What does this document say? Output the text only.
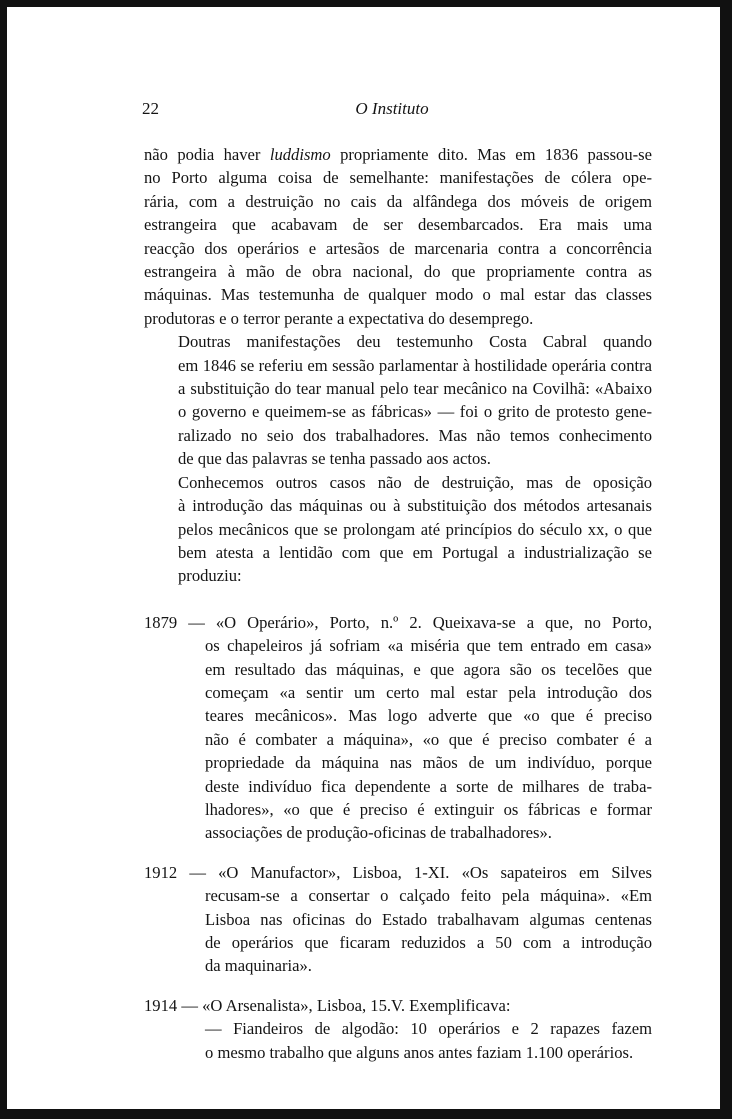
22	O Instituto

não podia haver luddismo propriamente dito. Mas em 1836 passou-se
no Porto alguma coisa de semelhante: manifestações de cólera ope-
rária, com a destruição no cais da alfândega dos móveis de origem
estrangeira que acabavam de ser desembarcados. Era mais uma
reacção dos operários e artesãos de marcenaria contra a concorrência
estrangeira à mão de obra nacional, do que propriamente contra as
máquinas. Mas testemunha de qualquer modo o mal estar das classes
produtoras e o terror perante a expectativa do desemprego.

Doutras manifestações deu testemunho Costa Cabral quando
em 1846 se referiu em sessão parlamentar à hostilidade operária contra
a substituição do tear manual pelo tear mecânico na Covilhã: «Abaixo
o governo e queimem-se as fábricas» — foi o grito de protesto gene-
ralizado no seio dos trabalhadores. Mas não temos conhecimento
de que das palavras se tenha passado aos actos.

Conhecemos outros casos não de destruição, mas de oposição
à introdução das máquinas ou à substituição dos métodos artesanais
pelos mecânicos que se prolongam até princípios do século xx, o que
bem atesta a lentidão com que em Portugal a industrialização se
produziu:

1879 — «O Operário», Porto, n.º 2. Queixava-se a que, no Porto,
os chapeleiros já sofriam «a miséria que tem entrado em casa»
em resultado das máquinas, e que agora são os tecelões que
começam «a sentir um certo mal estar pela introdução dos
teares mecânicos». Mas logo adverte que «o que é preciso
não é combater a máquina», «o que é preciso combater é a
propriedade da máquina nas mãos de um indivíduo, porque
deste indivíduo fica dependente a sorte de milhares de traba-
lhadores», «o que é preciso é extinguir os fábricas e formar
associações de produção-oficinas de trabalhadores».
1912 — «O Manufactor», Lisboa, 1-XI. «Os sapateiros em Silves
recusam-se a consertar o calçado feito pela máquina». «Em
Lisboa nas oficinas do Estado trabalhavam algumas centenas
de operários que ficaram reduzidos a 50 com a introdução
da maquinaria».
1914 — «O Arsenalista», Lisboa, 15.V. Exemplificava:
— Fiandeiros de algodão: 10 operários e 2 rapazes fazem
o mesmo trabalho que alguns anos antes faziam 1.100 operários.
